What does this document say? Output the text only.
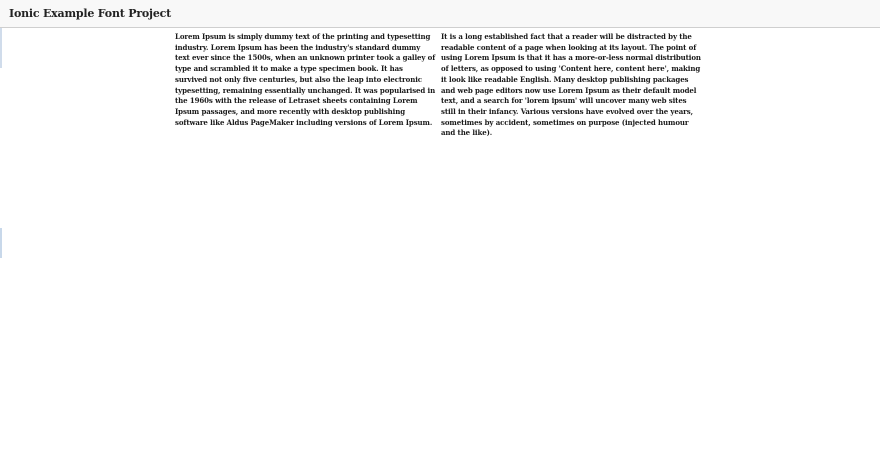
Ionic Example Font Project

Lorem Ipsum is simply dummy text of the printing and typesetting industry. Lorem Ipsum has been the industry's standard dummy text ever since the 1500s, when an unknown printer took a galley of type and scrambled it to make a type specimen book. It has survived not only five centuries, but also the leap into electronic typesetting, remaining essentially unchanged. It was popularised in the 1960s with the release of Letraset sheets containing Lorem Ipsum passages, and more recently with desktop publishing software like Aldus PageMaker including versions of Lorem Ipsum.

It is a long established fact that a reader will be distracted by the readable content of a page when looking at its layout. The point of using Lorem Ipsum is that it has a more-or-less normal distribution of letters, as opposed to using 'Content here, content here', making it look like readable English. Many desktop publishing packages and web page editors now use Lorem Ipsum as their default model text, and a search for 'lorem ipsum' will uncover many web sites still in their infancy. Various versions have evolved over the years, sometimes by accident, sometimes on purpose (injected humour and the like).
